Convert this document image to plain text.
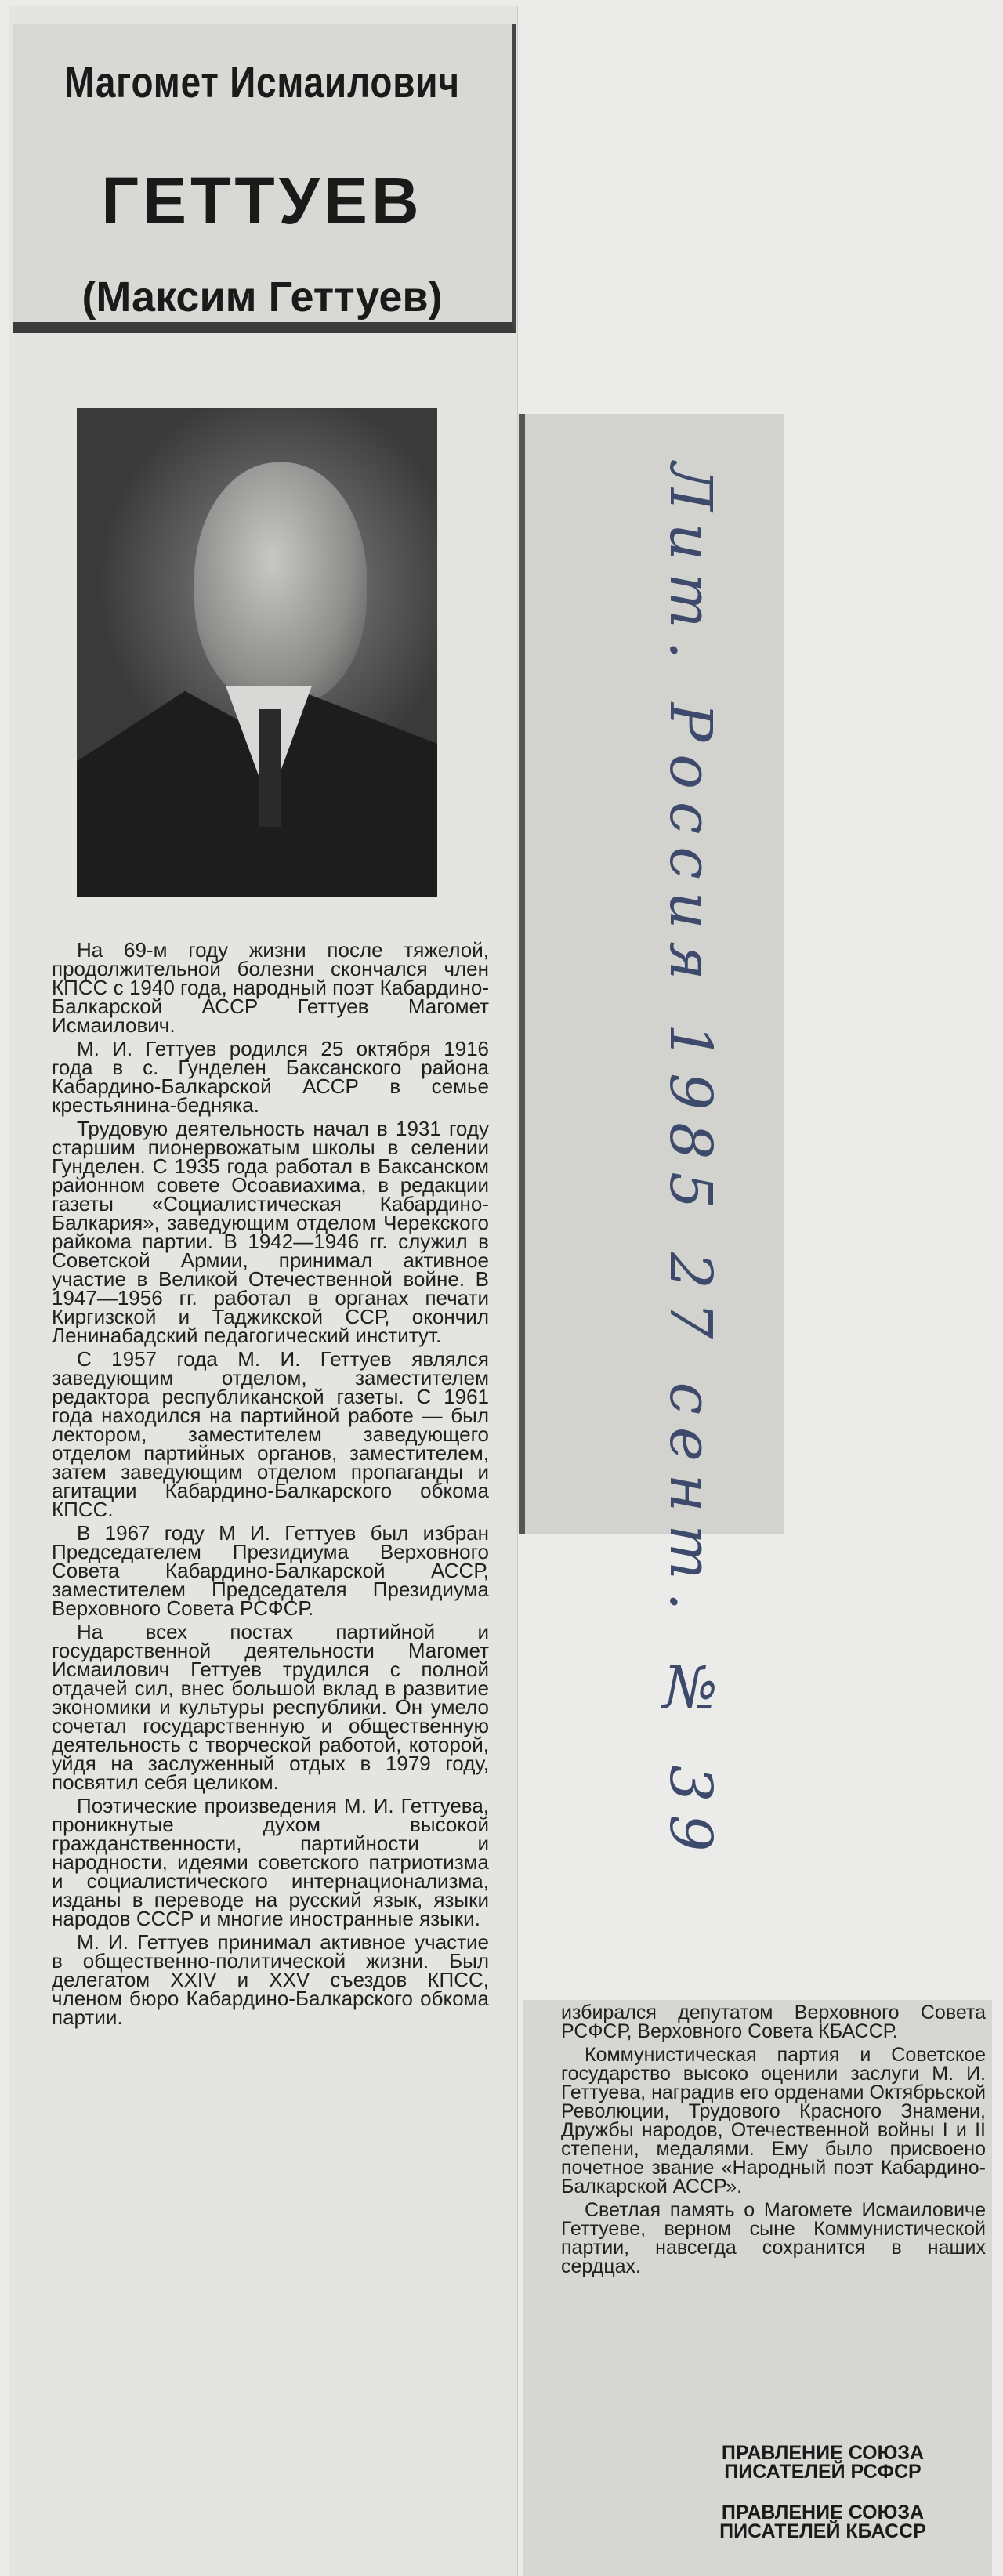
Магомет Исмаилович
ГЕТТУЕВ
(Максим Геттуев)

На 69-м году жизни после тяжелой, продолжительной болезни скончался член КПСС с 1940 года, народный поэт Кабардино-Балкарской АССР Геттуев Магомет Исмаилович.

М. И. Геттуев родился 25 октября 1916 года в с. Гунделен Баксанского района Кабардино-Балкарской АССР в семье крестьянина-бедняка.

Трудовую деятельность начал в 1931 году старшим пионервожатым школы в селении Гунделен. С 1935 года работал в Баксанском районном совете Осоавиахима, в редакции газеты «Социалистическая Кабардино-Балкария», заведующим отделом Черекского райкома партии. В 1942—1946 гг. служил в Советской Армии, принимал активное участие в Великой Отечественной войне. В 1947—1956 гг. работал в органах печати Киргизской и Таджикской ССР, окончил Ленинабадский педагогический институт.

С 1957 года М. И. Геттуев являлся заведующим отделом, заместителем редактора республиканской газеты. С 1961 года находился на партийной работе — был лектором, заместителем заведующего отделом партийных органов, заместителем, затем заведующим отделом пропаганды и агитации Кабардино-Балкарского обкома КПСС.

В 1967 году М И. Геттуев был избран Председателем Президиума Верховного Совета Кабардино-Балкарской АССР, заместителем Председателя Президиума Верховного Совета РСФСР.

На всех постах партийной и государственной деятельности Магомет Исмаилович Геттуев трудился с полной отдачей сил, внес большой вклад в развитие экономики и культуры республики. Он умело сочетал государственную и общественную деятельность с творческой работой, которой, уйдя на заслуженный отдых в 1979 году, посвятил себя целиком.

Поэтические произведения М. И. Геттуева, проникнутые духом высокой гражданственности, партийности и народности, идеями советского патриотизма и социалистического интернационализма, изданы в переводе на русский язык, языки народов СССР и многие иностранные языки.

М. И. Геттуев принимал активное участие в общественно-политической жизни. Был делегатом XXIV и XXV съездов КПСС, членом бюро Кабардино-Балкарского обкома партии.

Лит. Россия 1985 27 сент. № 39

избирался депутатом Верховного Совета РСФСР, Верховного Совета КБАССР.

Коммунистическая партия и Советское государство высоко оценили заслуги М. И. Геттуева, наградив его орденами Октябрьской Революции, Трудового Красного Знамени, Дружбы народов, Отечественной войны I и II степени, медалями. Ему было присвоено почетное звание «Народный поэт Кабардино-Балкарской АССР».

Светлая память о Магомете Исмаиловиче Геттуеве, верном сыне Коммунистической партии, навсегда сохранится в наших сердцах.

ПРАВЛЕНИЕ СОЮЗА ПИСАТЕЛЕЙ РСФСР
ПРАВЛЕНИЕ СОЮЗА ПИСАТЕЛЕЙ КБАССР
